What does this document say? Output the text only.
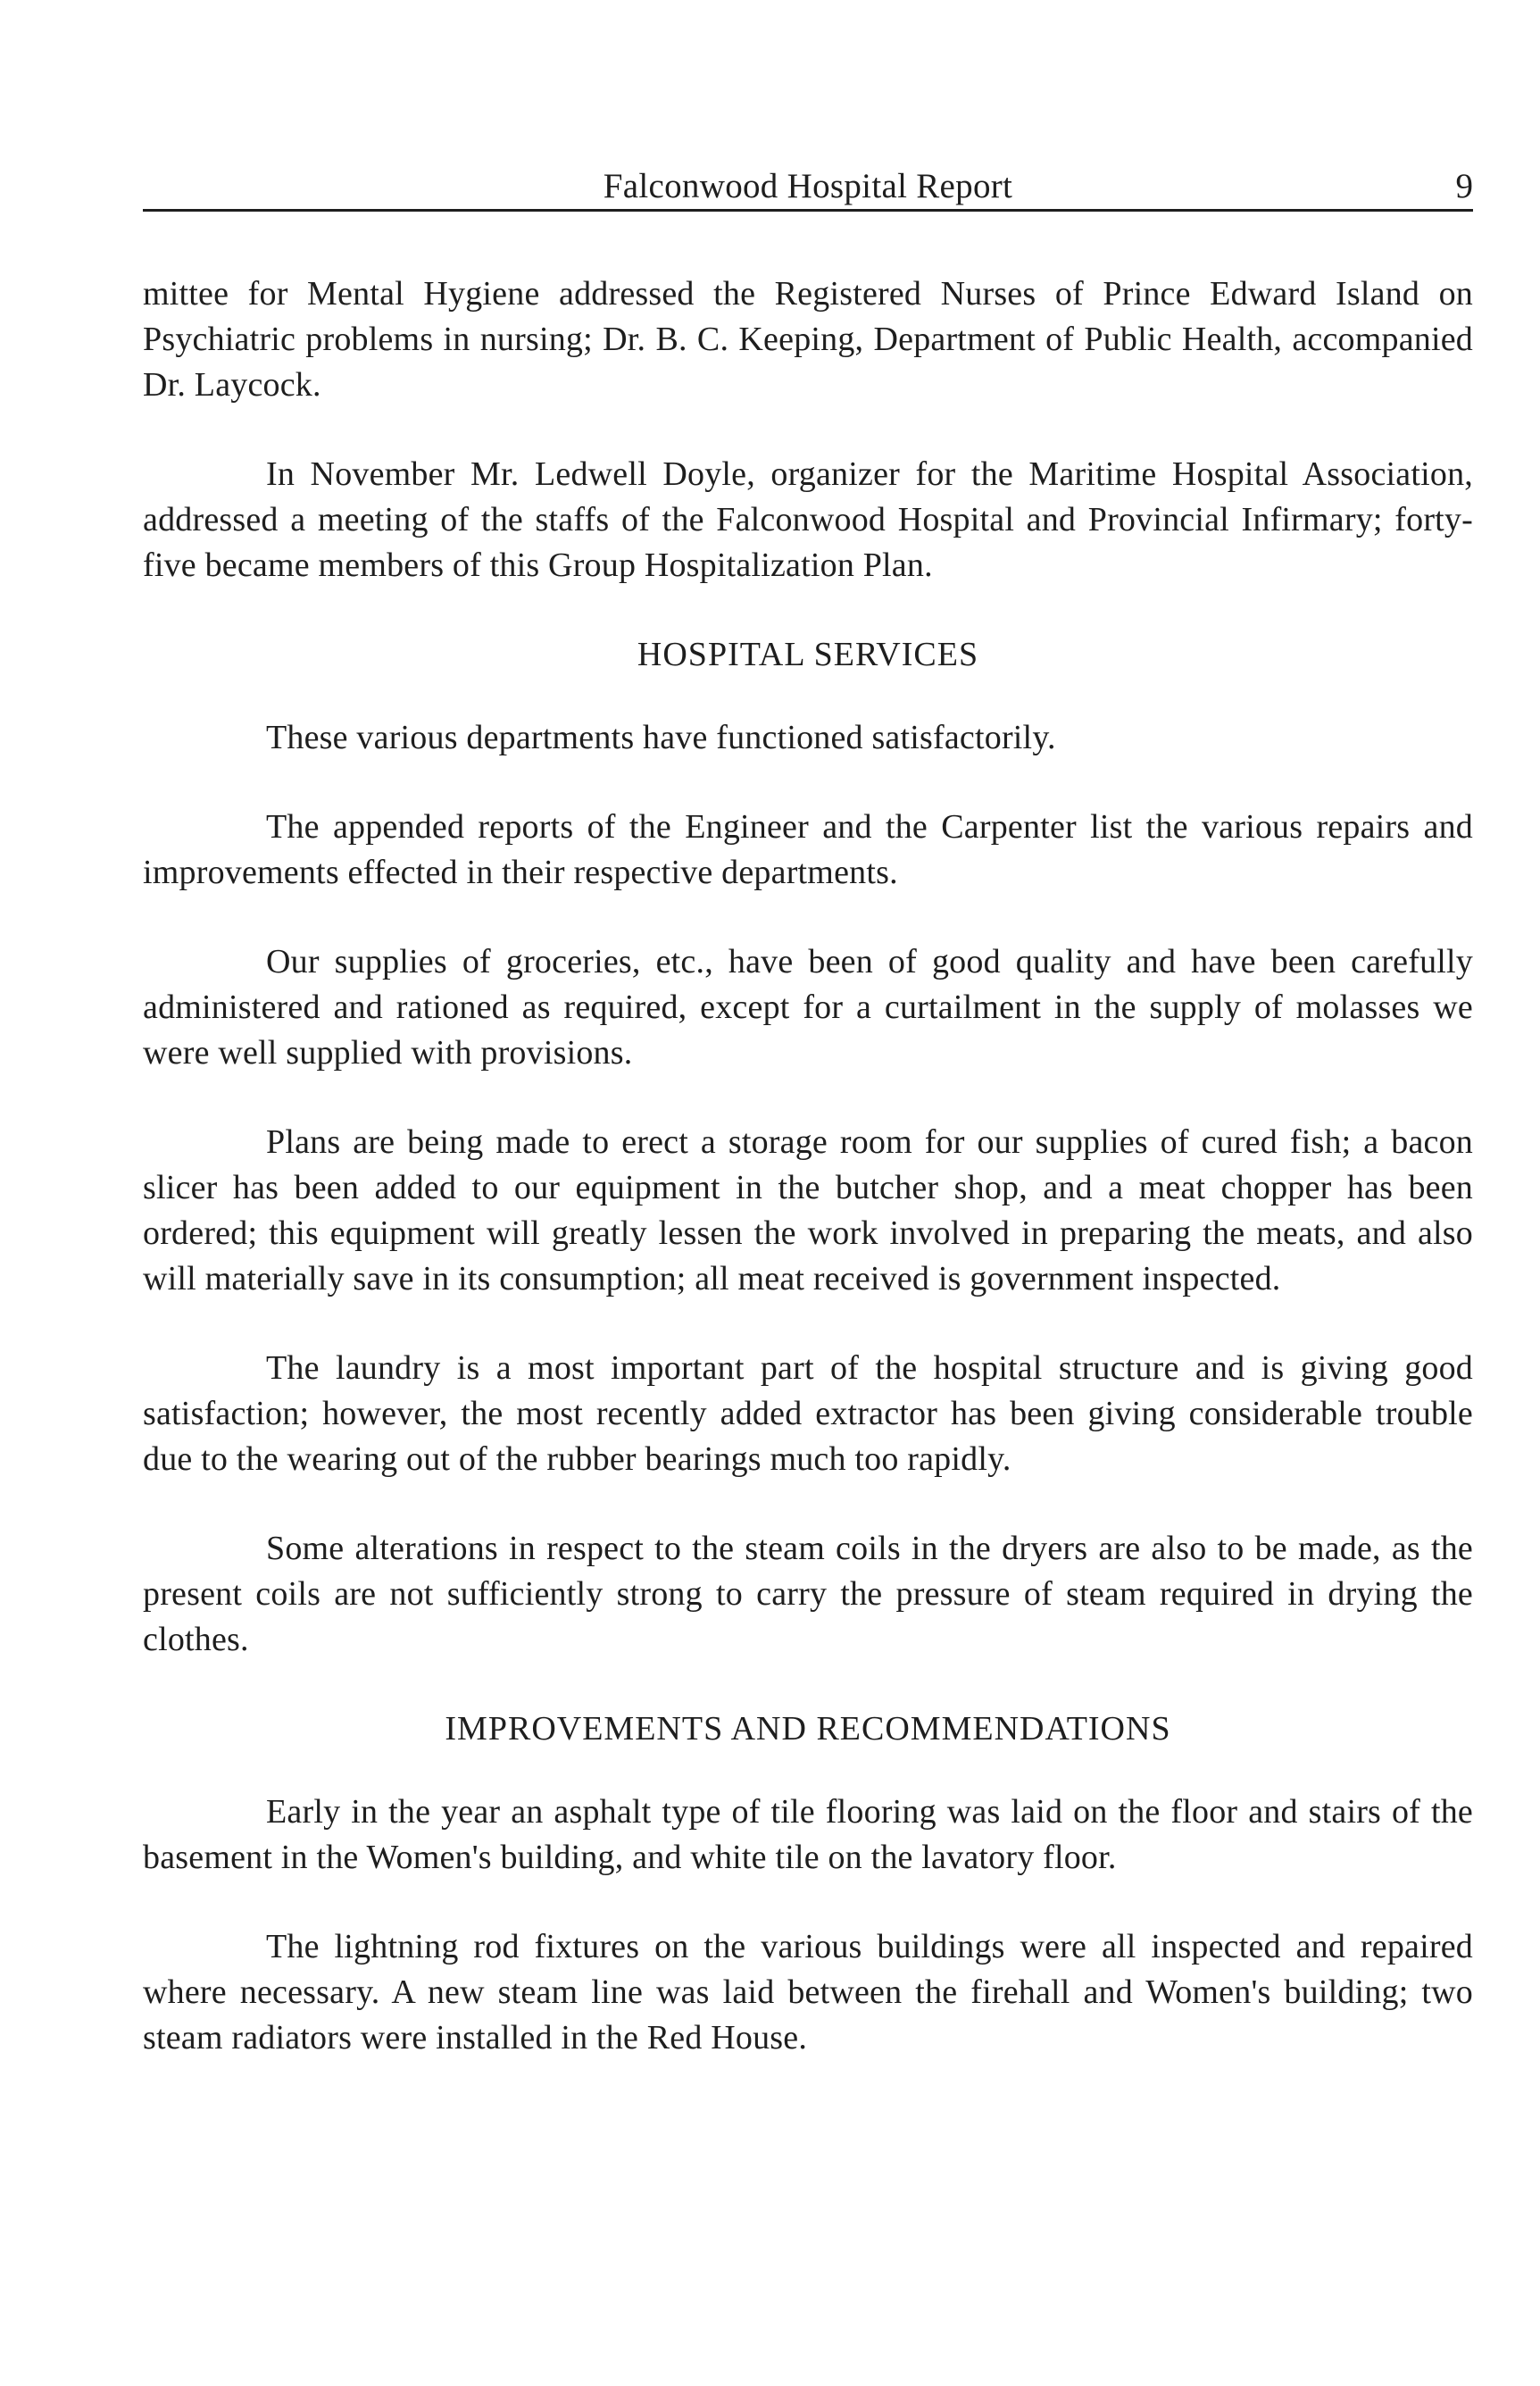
Falconwood Hospital Report	9

mittee for Mental Hygiene addressed the Registered Nurses of Prince Edward Island on Psychiatric problems in nursing; Dr. B. C. Keeping, Department of Public Health, accompanied Dr. Laycock.

In November Mr. Ledwell Doyle, organizer for the Maritime Hospital Association, addressed a meeting of the staffs of the Falconwood Hospital and Provincial Infirmary; forty-five became members of this Group Hospitalization Plan.

HOSPITAL SERVICES

These various departments have functioned satisfactorily.

The appended reports of the Engineer and the Carpenter list the various repairs and improvements effected in their respective departments.

Our supplies of groceries, etc., have been of good quality and have been carefully administered and rationed as required, except for a curtailment in the supply of molasses we were well supplied with provisions.

Plans are being made to erect a storage room for our supplies of cured fish; a bacon slicer has been added to our equipment in the butcher shop, and a meat chopper has been ordered; this equipment will greatly lessen the work involved in preparing the meats, and also will materially save in its consumption; all meat received is government inspected.

The laundry is a most important part of the hospital structure and is giving good satisfaction; however, the most recently added extractor has been giving considerable trouble due to the wearing out of the rubber bearings much too rapidly.

Some alterations in respect to the steam coils in the dryers are also to be made, as the present coils are not sufficiently strong to carry the pressure of steam required in drying the clothes.

IMPROVEMENTS AND RECOMMENDATIONS

Early in the year an asphalt type of tile flooring was laid on the floor and stairs of the basement in the Women's building, and white tile on the lavatory floor.

The lightning rod fixtures on the various buildings were all inspected and repaired where necessary. A new steam line was laid between the firehall and Women's building; two steam radiators were installed in the Red House.
